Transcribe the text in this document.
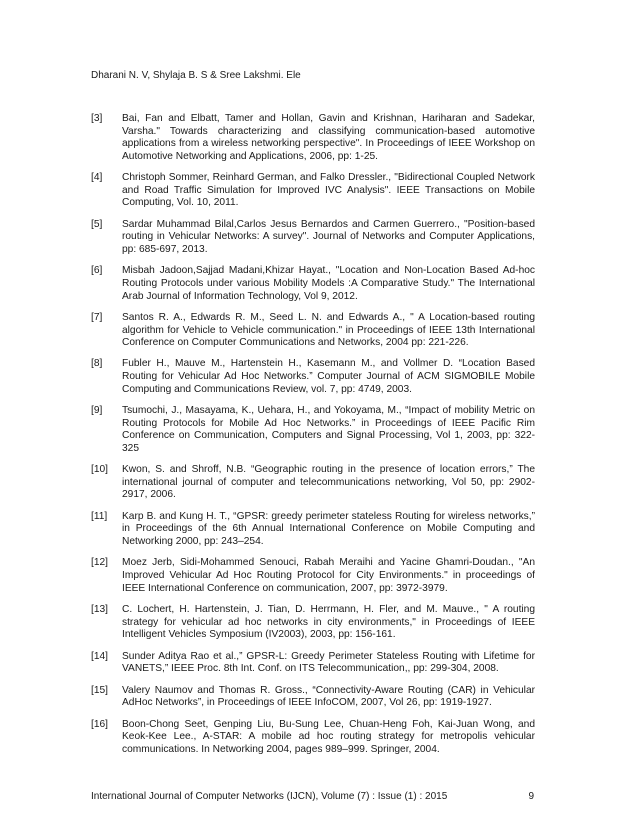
Dharani N. V, Shylaja B. S & Sree Lakshmi. Ele
[3]	Bai, Fan and Elbatt, Tamer and Hollan, Gavin and Krishnan, Hariharan and Sadekar, Varsha." Towards characterizing and classifying communication-based automotive applications from a wireless networking perspective". In Proceedings of IEEE Workshop on Automotive Networking and Applications, 2006, pp: 1-25.
[4]	Christoph Sommer, Reinhard German, and Falko Dressler., "Bidirectional Coupled Network and Road Traffic Simulation for Improved IVC Analysis". IEEE Transactions on Mobile Computing, Vol. 10, 2011.
[5]	Sardar Muhammad Bilal,Carlos Jesus Bernardos and Carmen Guerrero., "Position-based routing in Vehicular Networks: A survey". Journal of Networks and Computer Applications, pp: 685-697, 2013.
[6]	Misbah Jadoon,Sajjad Madani,Khizar Hayat., "Location and Non-Location Based Ad-hoc Routing Protocols under various Mobility Models :A Comparative Study." The International Arab Journal of Information Technology, Vol 9, 2012.
[7]	Santos R. A., Edwards R. M., Seed L. N. and Edwards A., " A Location-based routing algorithm for Vehicle to Vehicle communication." in Proceedings of IEEE 13th International Conference on Computer Communications and Networks, 2004 pp: 221-226.
[8]	Fubler H., Mauve M., Hartenstein H., Kasemann M., and Vollmer D. “Location Based Routing for Vehicular Ad Hoc Networks.” Computer Journal of ACM SIGMOBILE Mobile Computing and Communications Review, vol. 7, pp: 4749, 2003.
[9]	Tsumochi, J., Masayama, K., Uehara, H., and Yokoyama, M., “Impact of mobility Metric on Routing Protocols for Mobile Ad Hoc Networks.” in Proceedings of IEEE Pacific Rim Conference on Communication, Computers and Signal Processing, Vol 1, 2003, pp: 322-325
[10]	Kwon, S. and Shroff, N.B. “Geographic routing in the presence of location errors,” The international journal of computer and telecommunications networking, Vol 50, pp: 2902-2917, 2006.
[11]	Karp B. and Kung H. T., “GPSR: greedy perimeter stateless Routing for wireless networks,” in Proceedings of the 6th Annual International Conference on Mobile Computing and Networking 2000, pp: 243–254.
[12]	Moez Jerb, Sidi-Mohammed Senouci, Rabah Meraihi and Yacine Ghamri-Doudan., "An Improved Vehicular Ad Hoc Routing Protocol for City Environments." in proceedings of IEEE International Conference on communication, 2007, pp: 3972-3979.
[13]	C. Lochert, H. Hartenstein, J. Tian, D. Herrmann, H. Fler, and M. Mauve., " A routing strategy for vehicular ad hoc networks in city environments," in Proceedings of IEEE Intelligent Vehicles Symposium (IV2003), 2003, pp: 156-161.
[14]	Sunder Aditya Rao et al.,” GPSR-L: Greedy Perimeter Stateless Routing with Lifetime for VANETS,” IEEE Proc. 8th Int. Conf. on ITS Telecommunication,, pp: 299-304, 2008.
[15]	Valery Naumov and Thomas R. Gross., “Connectivity-Aware Routing (CAR) in Vehicular AdHoc Networks”, in Proceedings of IEEE InfoCOM, 2007, Vol 26, pp: 1919-1927.
[16]	Boon-Chong Seet, Genping Liu, Bu-Sung Lee, Chuan-Heng Foh, Kai-Juan Wong, and Keok-Kee Lee., A-STAR: A mobile ad hoc routing strategy for metropolis vehicular communications. In Networking 2004, pages 989–999. Springer, 2004.
International Journal of Computer Networks (IJCN), Volume (7) : Issue (1) : 2015	9
